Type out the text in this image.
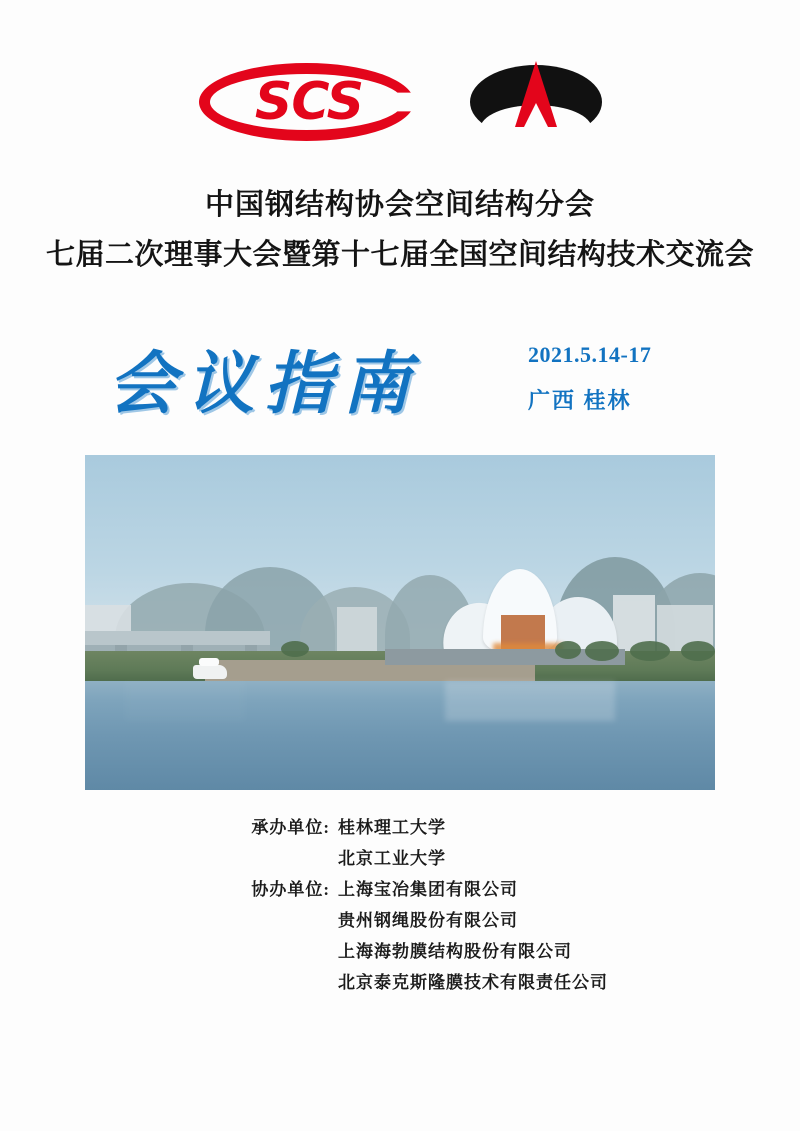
SCS
中国钢结构协会空间结构分会
七届二次理事大会暨第十七届全国空间结构技术交流会
会议指南	2021.5.14-17
广西 桂林
承办单位: 桂林理工大学
北京工业大学
协办单位: 上海宝冶集团有限公司
贵州钢绳股份有限公司
上海海勃膜结构股份有限公司
北京泰克斯隆膜技术有限责任公司
